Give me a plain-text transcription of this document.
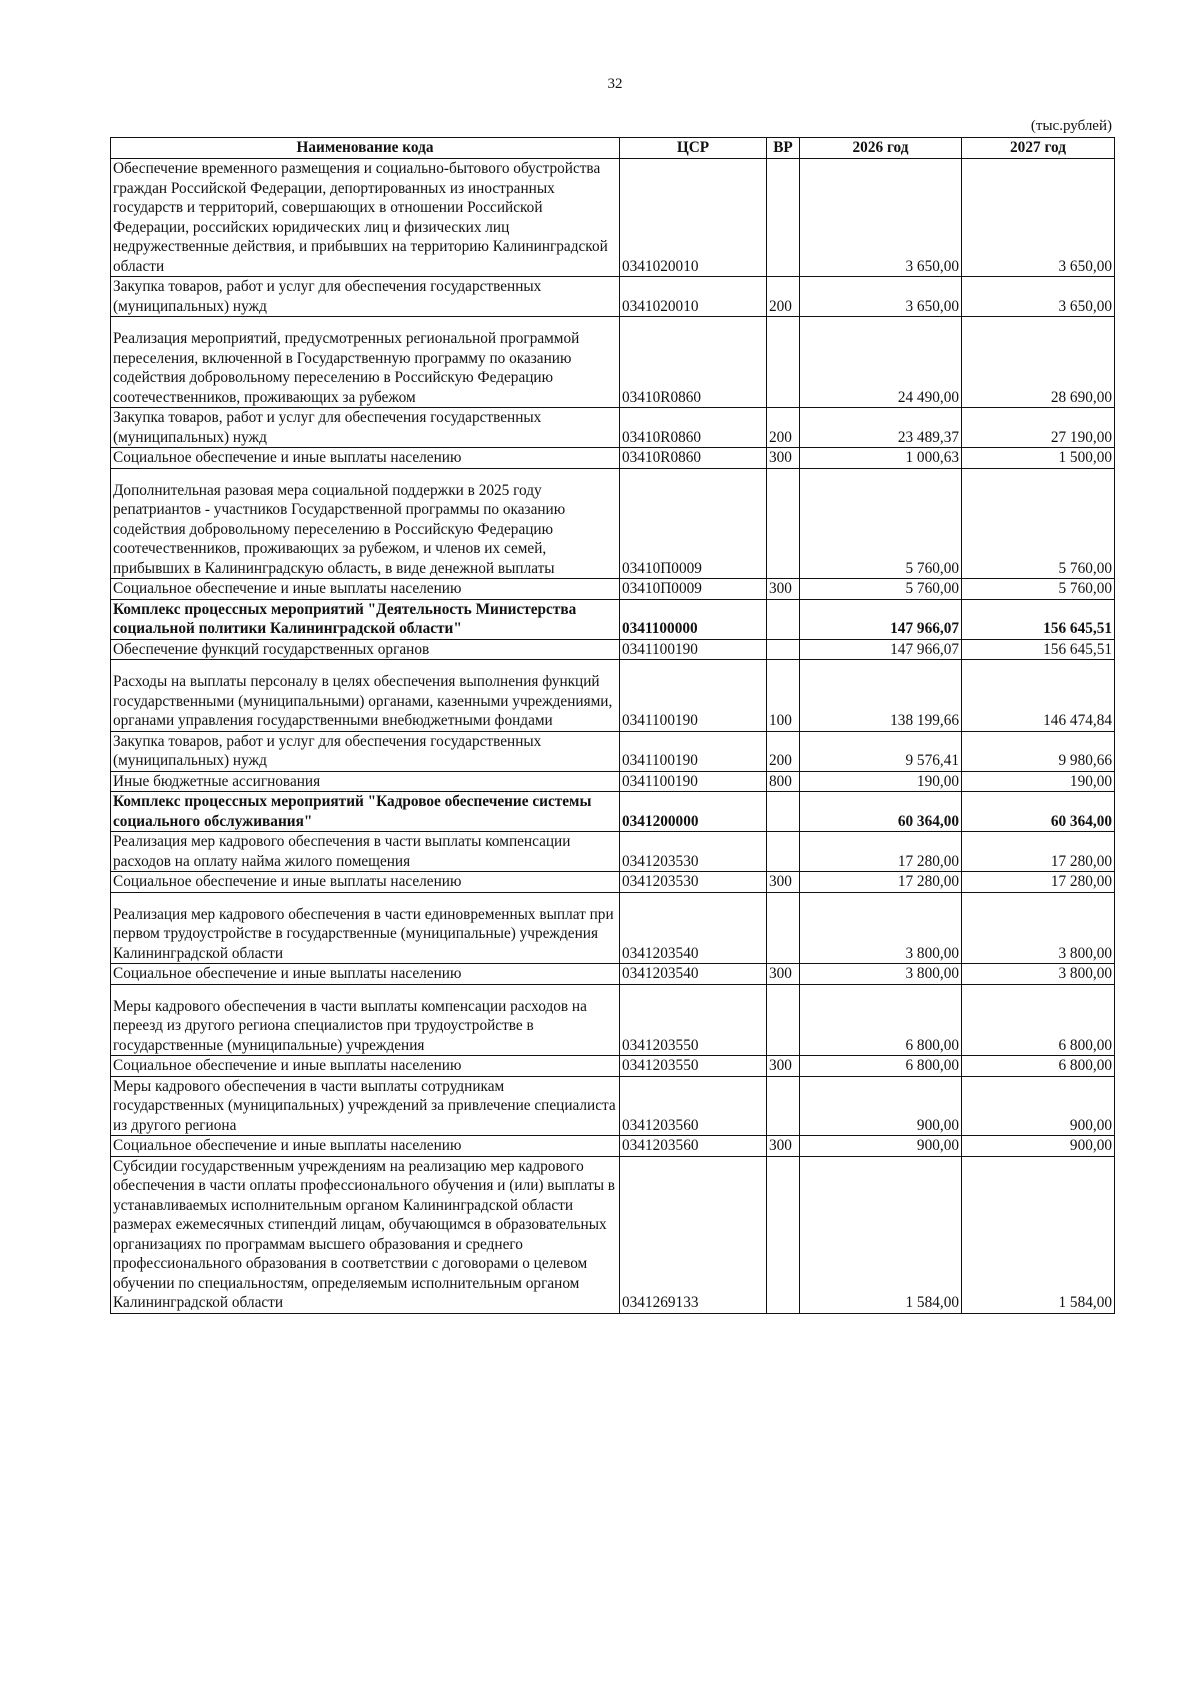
32
(тыс.рублей)
Наименование кода	ЦСР	ВР	2026 год	2027 год
Обеспечение временного размещения и социально-бытового обустройства граждан Российской Федерации, депортированных из иностранных государств и территорий, совершающих в отношении Российской Федерации, российских юридических лиц и физических лиц недружественные действия, и прибывших на территорию Калининградской области	0341020010		3 650,00	3 650,00
Закупка товаров, работ и услуг для обеспечения государственных (муниципальных) нужд	0341020010	200	3 650,00	3 650,00
Реализация мероприятий, предусмотренных региональной программой переселения, включенной в Государственную программу по оказанию содействия добровольному переселению в Российскую Федерацию соотечественников, проживающих за рубежом	03410R0860		24 490,00	28 690,00
Закупка товаров, работ и услуг для обеспечения государственных (муниципальных) нужд	03410R0860	200	23 489,37	27 190,00
Социальное обеспечение и иные выплаты населению	03410R0860	300	1 000,63	1 500,00
Дополнительная разовая мера социальной поддержки в 2025 году репатриантов - участников Государственной программы по оказанию содействия добровольному переселению в Российскую Федерацию соотечественников, проживающих за рубежом, и членов их семей, прибывших в Калининградскую область, в виде денежной выплаты	03410П0009		5 760,00	5 760,00
Социальное обеспечение и иные выплаты населению	03410П0009	300	5 760,00	5 760,00
Комплекс процессных мероприятий "Деятельность Министерства социальной политики Калининградской области"	0341100000		147 966,07	156 645,51
Обеспечение функций государственных органов	0341100190		147 966,07	156 645,51
Расходы на выплаты персоналу в целях обеспечения выполнения функций государственными (муниципальными) органами, казенными учреждениями, органами управления государственными внебюджетными фондами	0341100190	100	138 199,66	146 474,84
Закупка товаров, работ и услуг для обеспечения государственных (муниципальных) нужд	0341100190	200	9 576,41	9 980,66
Иные бюджетные ассигнования	0341100190	800	190,00	190,00
Комплекс процессных мероприятий "Кадровое обеспечение системы социального обслуживания"	0341200000		60 364,00	60 364,00
Реализация мер кадрового обеспечения в части выплаты компенсации расходов на оплату найма жилого помещения	0341203530		17 280,00	17 280,00
Социальное обеспечение и иные выплаты населению	0341203530	300	17 280,00	17 280,00
Реализация мер кадрового обеспечения в части единовременных выплат при первом трудоустройстве в государственные (муниципальные) учреждения Калининградской области	0341203540		3 800,00	3 800,00
Социальное обеспечение и иные выплаты населению	0341203540	300	3 800,00	3 800,00
Меры кадрового обеспечения в части выплаты компенсации расходов на переезд из другого региона специалистов при трудоустройстве в государственные (муниципальные) учреждения	0341203550		6 800,00	6 800,00
Социальное обеспечение и иные выплаты населению	0341203550	300	6 800,00	6 800,00
Меры кадрового обеспечения в части выплаты сотрудникам государственных (муниципальных) учреждений за привлечение специалиста из другого региона	0341203560		900,00	900,00
Социальное обеспечение и иные выплаты населению	0341203560	300	900,00	900,00
Субсидии государственным учреждениям на реализацию мер кадрового обеспечения в части оплаты профессионального обучения и (или) выплаты в устанавливаемых исполнительным органом Калининградской области размерах ежемесячных стипендий лицам, обучающимся в образовательных организациях по программам высшего образования и среднего профессионального образования в соответствии с договорами о целевом обучении по специальностям, определяемым исполнительным органом Калининградской области	0341269133		1 584,00	1 584,00
